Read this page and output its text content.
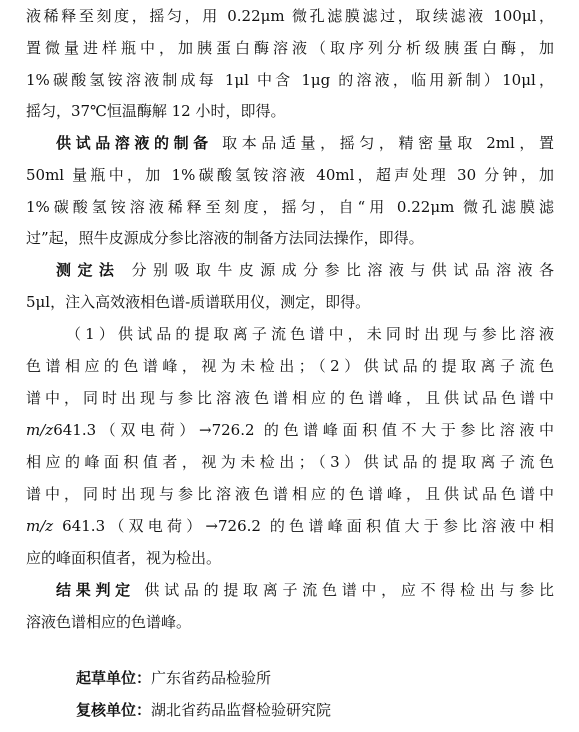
液稀释至刻度，摇匀，用 0.22μm 微孔滤膜滤过，取续滤液 100μl，
置微量进样瓶中，加胰蛋白酶溶液（取序列分析级胰蛋白酶，加
1%碳酸氢铵溶液制成每 1μl 中含 1μg 的溶液，临用新制）10μl，
摇匀，37℃恒温酶解 12 小时，即得。
供试品溶液的制备 取本品适量，摇匀，精密量取 2ml，置
50ml 量瓶中，加 1%碳酸氢铵溶液 40ml，超声处理 30 分钟，加
1%碳酸氢铵溶液稀释至刻度，摇匀，自“用 0.22μm 微孔滤膜滤
过”起，照牛皮源成分参比溶液的制备方法同法操作，即得。
测定法 分别吸取牛皮源成分参比溶液与供试品溶液各
5μl，注入高效液相色谱-质谱联用仪，测定，即得。
（1）供试品的提取离子流色谱中，未同时出现与参比溶液
色谱相应的色谱峰，视为未检出；（2）供试品的提取离子流色
谱中，同时出现与参比溶液色谱相应的色谱峰，且供试品色谱中
m/z641.3（双电荷）→726.2 的色谱峰面积值不大于参比溶液中
相应的峰面积值者，视为未检出；（3）供试品的提取离子流色
谱中，同时出现与参比溶液色谱相应的色谱峰，且供试品色谱中
m/z 641.3（双电荷）→726.2 的色谱峰面积值大于参比溶液中相
应的峰面积值者，视为检出。
结果判定 供试品的提取离子流色谱中，应不得检出与参比
溶液色谱相应的色谱峰。
起草单位：广东省药品检验所
复核单位：湖北省药品监督检验研究院
